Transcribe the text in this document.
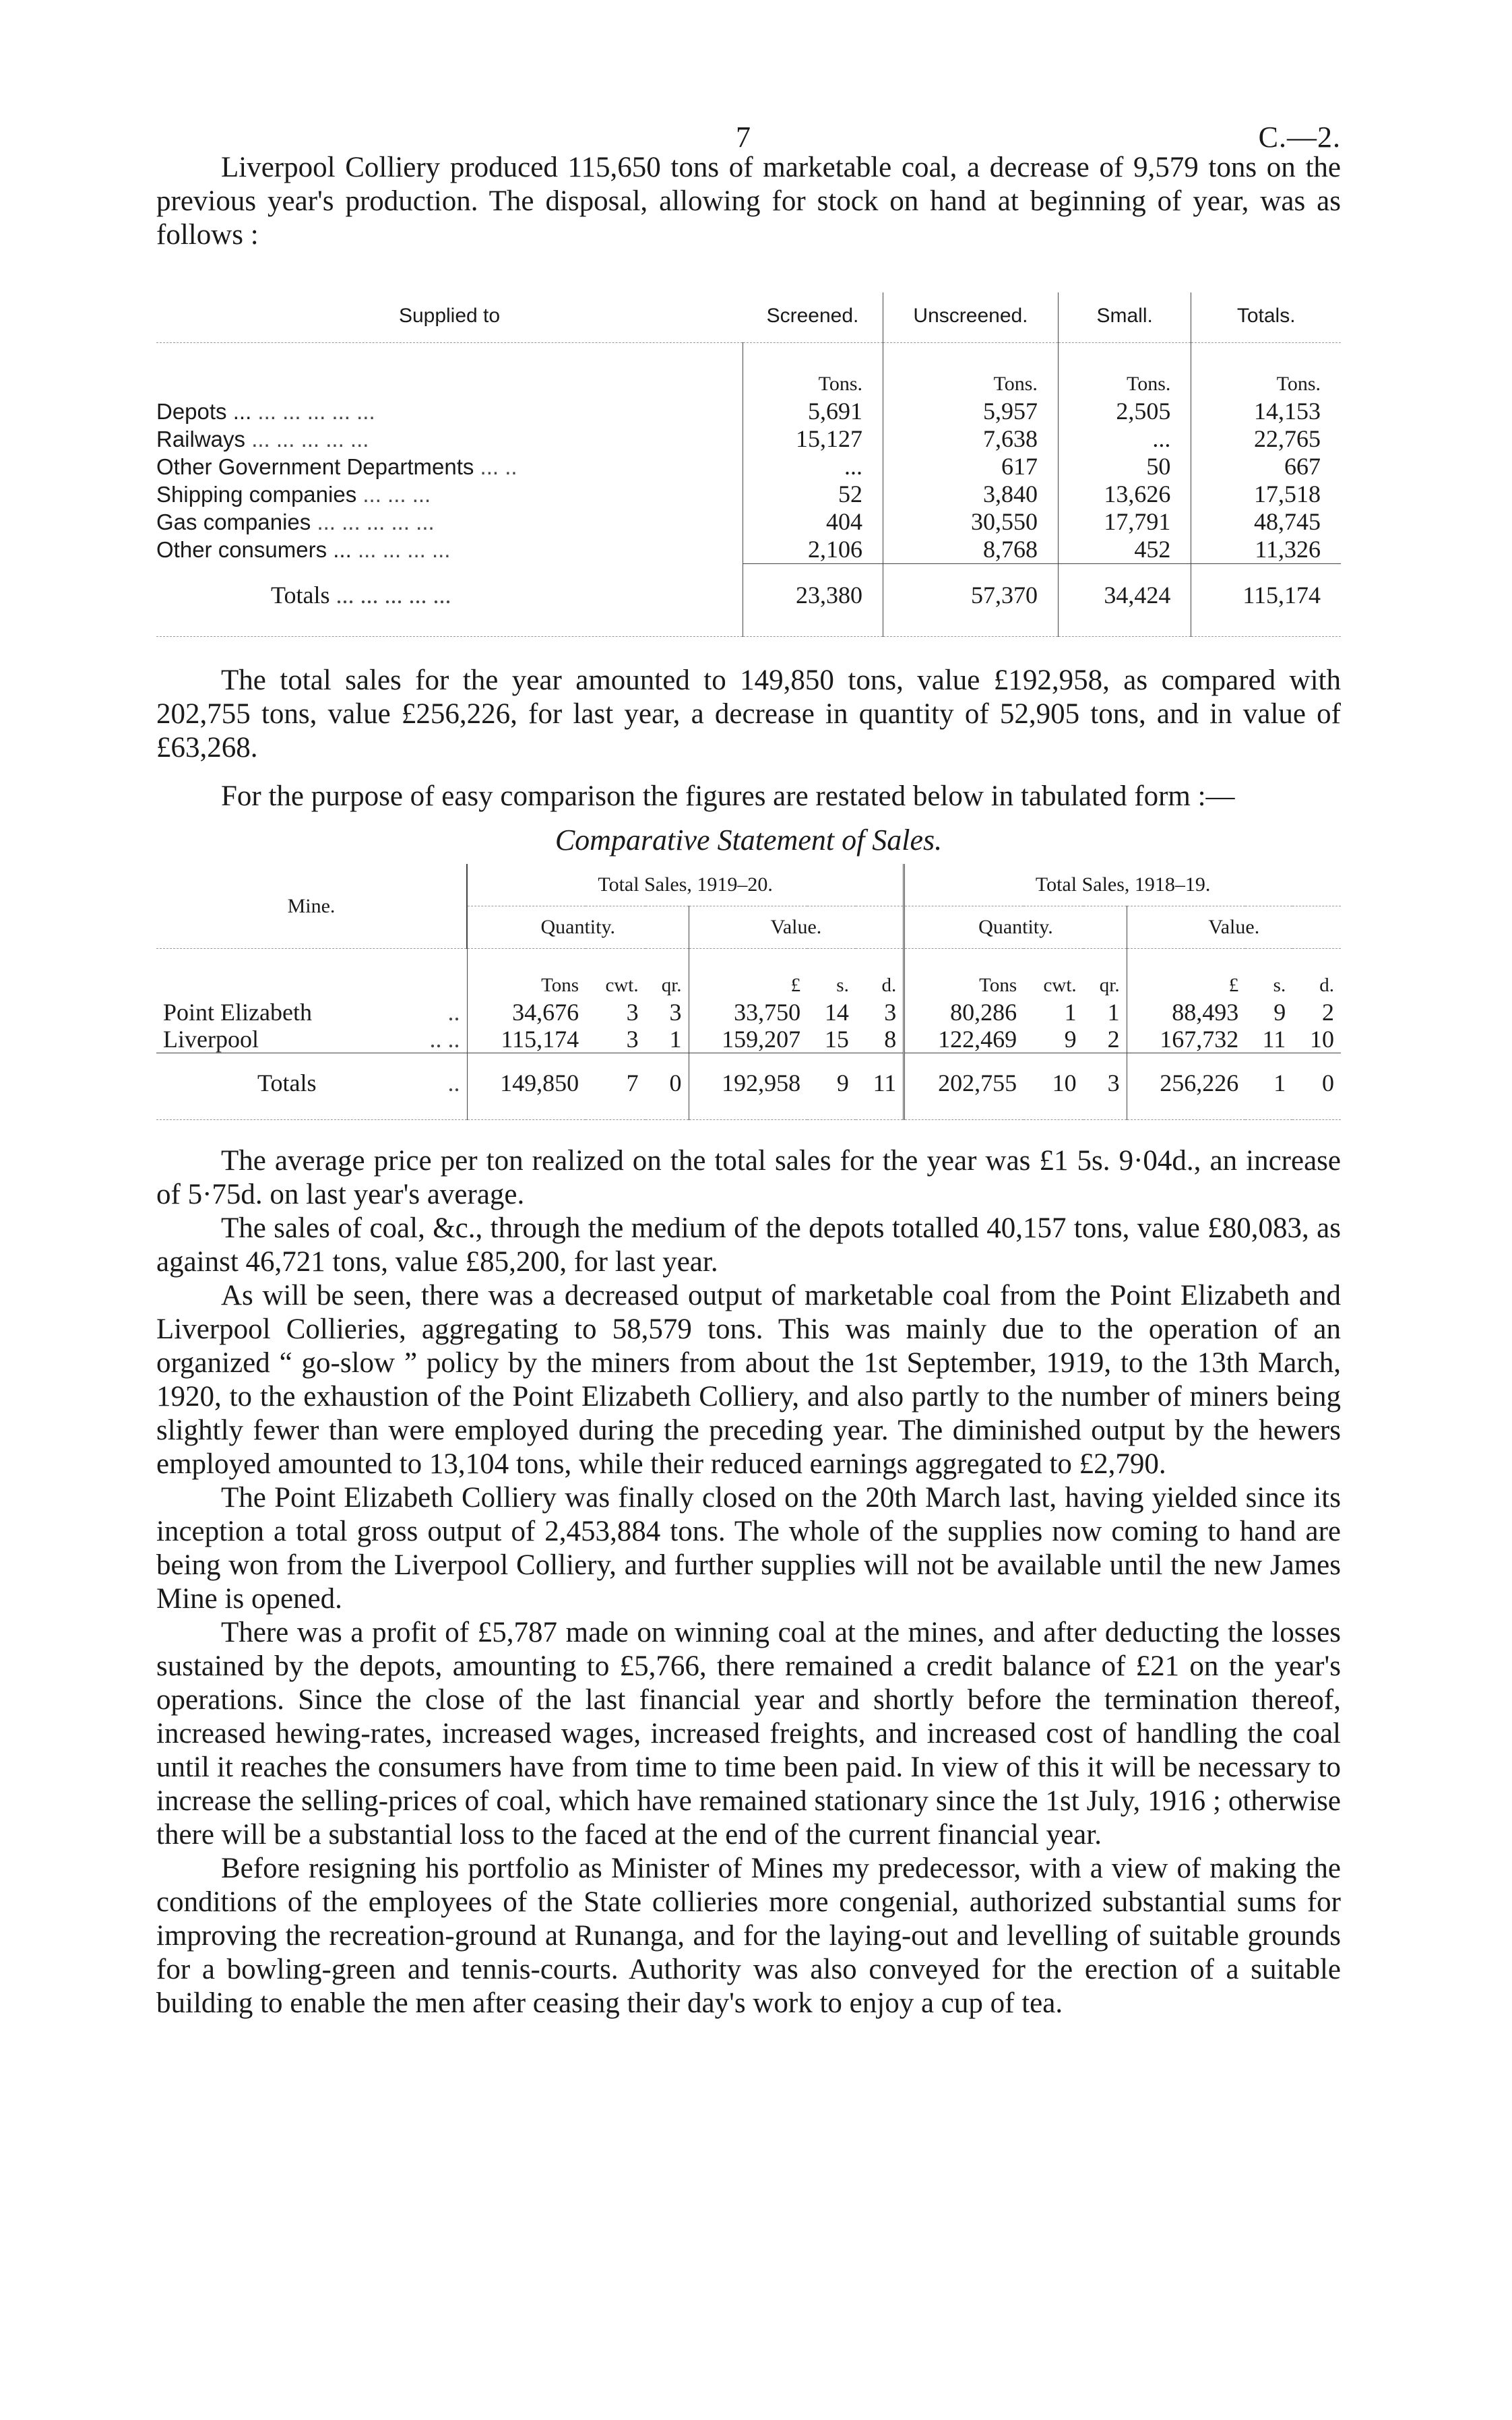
7	C.—2.

Liverpool Colliery produced 115,650 tons of marketable coal, a decrease of 9,579 tons on the previous year's production. The disposal, allowing for stock on hand at beginning of year, was as follows :

Supplied to	Screened.	Unscreened.	Small.	Totals.
	Tons.	Tons.	Tons.	Tons.
Depots ... ... ... ... ... ...	5,691	5,957	2,505	14,153
Railways ... ... ... ... ...	15,127	7,638	...	22,765
Other Government Departments ... ..	...	617	50	667
Shipping companies ... ... ...	52	3,840	13,626	17,518
Gas companies ... ... ... ... ...	404	30,550	17,791	48,745
Other consumers ... ... ... ... ...	2,106	8,768	452	11,326
Totals ... ... ... ... ...	23,380	57,370	34,424	115,174

The total sales for the year amounted to 149,850 tons, value £192,958, as compared with 202,755 tons, value £256,226, for last year, a decrease in quantity of 52,905 tons, and in value of £63,268.

For the purpose of easy comparison the figures are restated below in tabulated form :—

Comparative Statement of Sales.
Mine.	Total Sales, 1919–20.						Total Sales, 1918–19.					
	Quantity.			Value.			Quantity.			Value.		
	Tons	cwt.	qr.	£	s.	d.	Tons	cwt.	qr.	£	s.	d.
Point Elizabeth ..	34,676	3	3	33,750	14	3	80,286	1	1	88,493	9	2
Liverpool .. ..	115,174	3	1	159,207	15	8	122,469	9	2	167,732	11	10
Totals ..	149,850	7	0	192,958	9	11	202,755	10	3	256,226	1	0

The average price per ton realized on the total sales for the year was £1 5s. 9·04d., an increase of 5·75d. on last year's average.

The sales of coal, &c., through the medium of the depots totalled 40,157 tons, value £80,083, as against 46,721 tons, value £85,200, for last year.

As will be seen, there was a decreased output of marketable coal from the Point Elizabeth and Liverpool Collieries, aggregating to 58,579 tons. This was mainly due to the operation of an organized “ go-slow ” policy by the miners from about the 1st September, 1919, to the 13th March, 1920, to the exhaustion of the Point Elizabeth Colliery, and also partly to the number of miners being slightly fewer than were employed during the preceding year. The diminished output by the hewers employed amounted to 13,104 tons, while their reduced earnings aggregated to £2,790.

The Point Elizabeth Colliery was finally closed on the 20th March last, having yielded since its inception a total gross output of 2,453,884 tons. The whole of the supplies now coming to hand are being won from the Liverpool Colliery, and further supplies will not be available until the new James Mine is opened.

There was a profit of £5,787 made on winning coal at the mines, and after deducting the losses sustained by the depots, amounting to £5,766, there remained a credit balance of £21 on the year's operations. Since the close of the last financial year and shortly before the termination thereof, increased hewing-rates, increased wages, increased freights, and increased cost of handling the coal until it reaches the consumers have from time to time been paid. In view of this it will be necessary to increase the selling-prices of coal, which have remained stationary since the 1st July, 1916 ; otherwise there will be a substantial loss to the faced at the end of the current financial year.

Before resigning his portfolio as Minister of Mines my predecessor, with a view of making the conditions of the employees of the State collieries more congenial, authorized substantial sums for improving the recreation-ground at Runanga, and for the laying-out and levelling of suitable grounds for a bowling-green and tennis-courts. Authority was also conveyed for the erection of a suitable building to enable the men after ceasing their day's work to enjoy a cup of tea.
